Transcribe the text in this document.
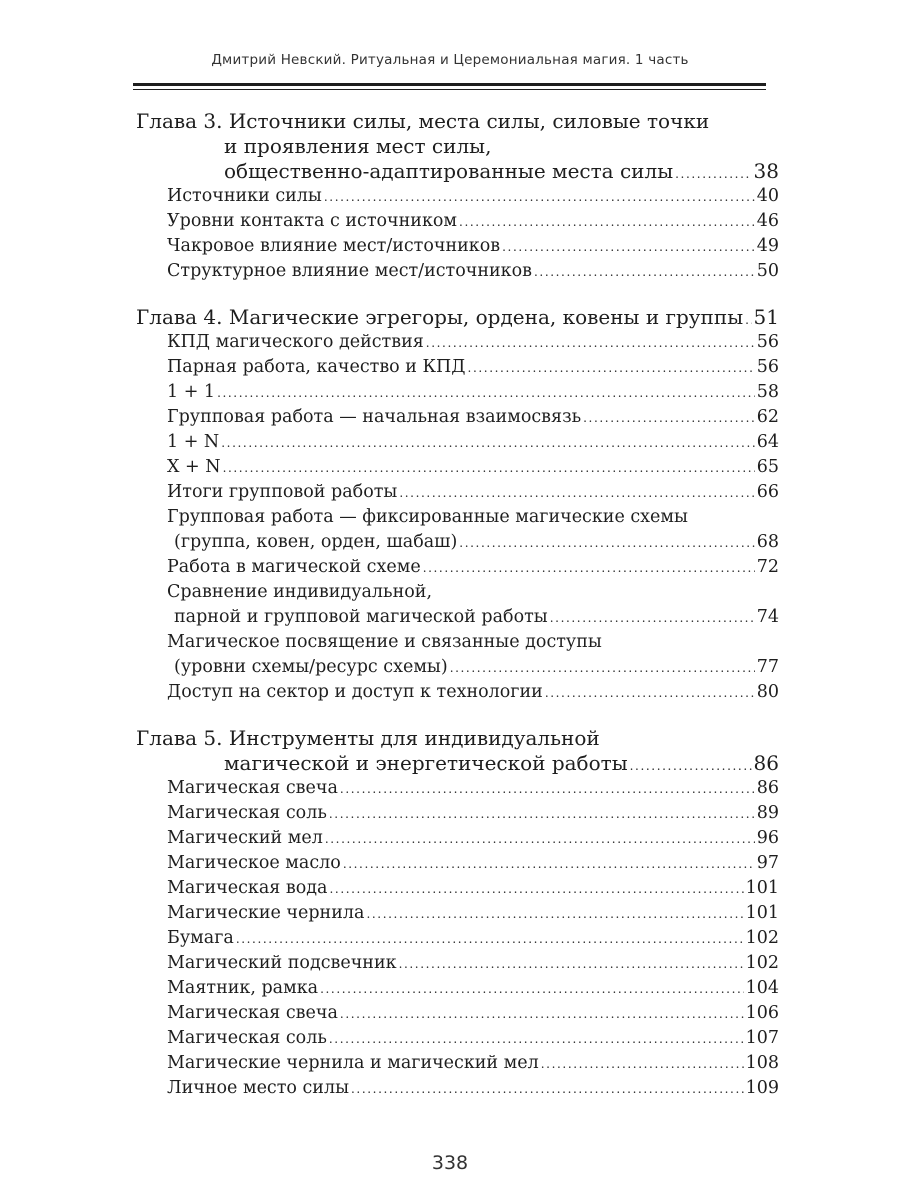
Дмитрий Невский. Ритуальная и Церемониальная магия. 1 часть
Глава 3. Источники силы, места силы, силовые точки
и проявления мест силы,
общественно-адаптированные места силы .....	38
Источники силы .....	40
Уровни контакта с источником .....	46
Чакровое влияние мест/источников .....	49
Структурное влияние мест/источников .....	50
Глава 4. Магические эгрегоры, ордена, ковены и группы ..... 51
КПД магического действия .....	56
Парная работа, качество и КПД .....	56
1 + 1 .....	58
Групповая работа — начальная взаимосвязь .....	62
1 + N .....	64
X + N .....	65
Итоги групповой работы .....	66
Групповая работа — фиксированные магические схемы
(группа, ковен, орден, шабаш) .....	68
Работа в магической схеме .....	72
Сравнение индивидуальной,
парной и групповой магической работы .....	74
Магическое посвящение и связанные доступы
(уровни схемы/ресурс схемы) .....	77
Доступ на сектор и доступ к технологии .....	80
Глава 5. Инструменты для индивидуальной
магической и энергетической работы .....	86
Магическая свеча .....	86
Магическая соль .....	89
Магический мел .....	96
Магическое масло .....	97
Магическая вода .....	101
Магические чернила .....	101
Бумага .....	102
Магический подсвечник .....	102
Маятник, рамка .....	104
Магическая свеча .....	106
Магическая соль .....	107
Магические чернила и магический мел .....	108
Личное место силы .....	109
338
